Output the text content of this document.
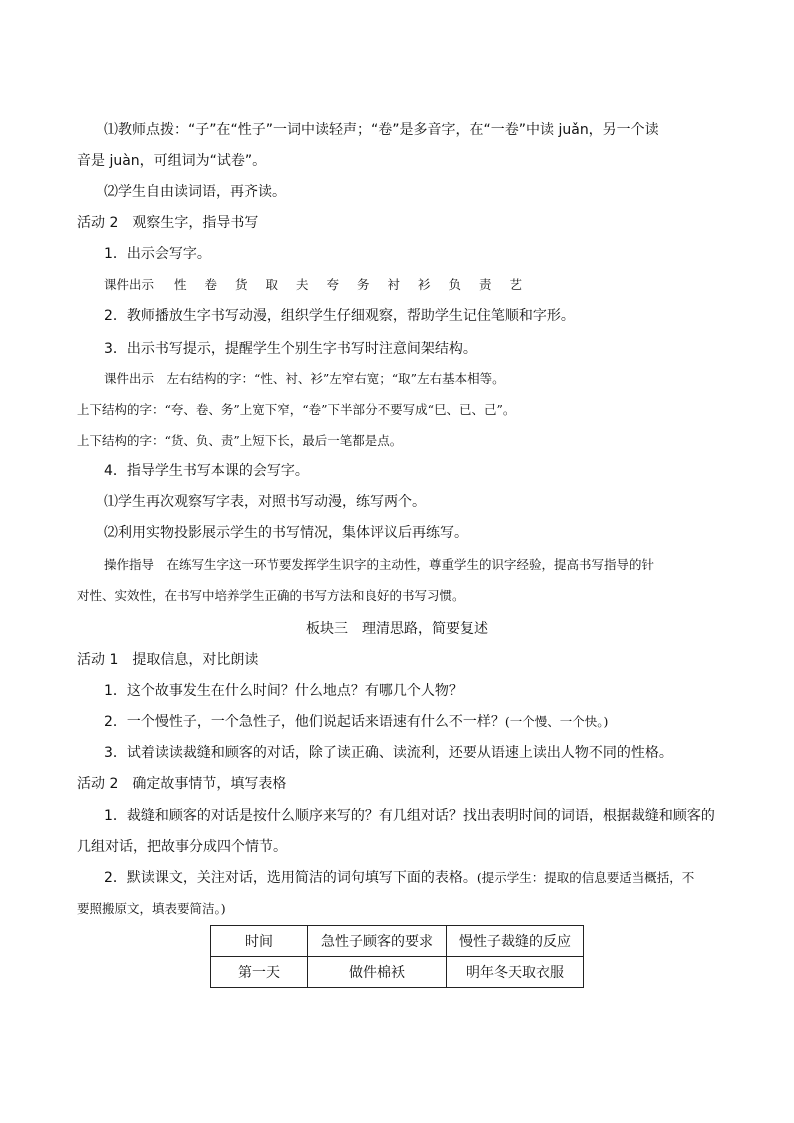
⑴教师点拨：“子”在“性子”一词中读轻声；“卷”是多音字，在“一卷”中读 juǎn，另一个读
音是 juàn，可组词为“试卷”。
⑵学生自由读词语，再齐读。
活动 2　观察生字，指导书写
1．出示会写字。
课件出示 性 卷 货 取 夫 夸 务 衬 衫 负 责 艺
2．教师播放生字书写动漫，组织学生仔细观察，帮助学生记住笔顺和字形。
3．出示书写提示，提醒学生个别生字书写时注意间架结构。
课件出示　左右结构的字：“性、衬、衫”左窄右宽；“取”左右基本相等。
上下结构的字：“夸、卷、务”上宽下窄，“卷”下半部分不要写成“巳、已、己”。
上下结构的字：“货、负、责”上短下长，最后一笔都是点。
4．指导学生书写本课的会写字。
⑴学生再次观察写字表，对照书写动漫，练写两个。
⑵利用实物投影展示学生的书写情况，集体评议后再练写。
操作指导　在练写生字这一环节要发挥学生识字的主动性，尊重学生的识字经验，提高书写指导的针
对性、实效性，在书写中培养学生正确的书写方法和良好的书写习惯。
板块三　理清思路，简要复述
活动 1　提取信息，对比朗读
1．这个故事发生在什么时间？什么地点？有哪几个人物？
2．一个慢性子，一个急性子，他们说起话来语速有什么不一样？(一个慢、一个快。)
3．试着读读裁缝和顾客的对话，除了读正确、读流利，还要从语速上读出人物不同的性格。
活动 2　确定故事情节，填写表格
1．裁缝和顾客的对话是按什么顺序来写的？有几组对话？找出表明时间的词语，根据裁缝和顾客的
几组对话，把故事分成四个情节。
2．默读课文，关注对话，选用简洁的词句填写下面的表格。(提示学生：提取的信息要适当概括，不
要照搬原文，填表要简洁。)
时间	急性子顾客的要求	慢性子裁缝的反应
第一天	做件棉袄	明年冬天取衣服
